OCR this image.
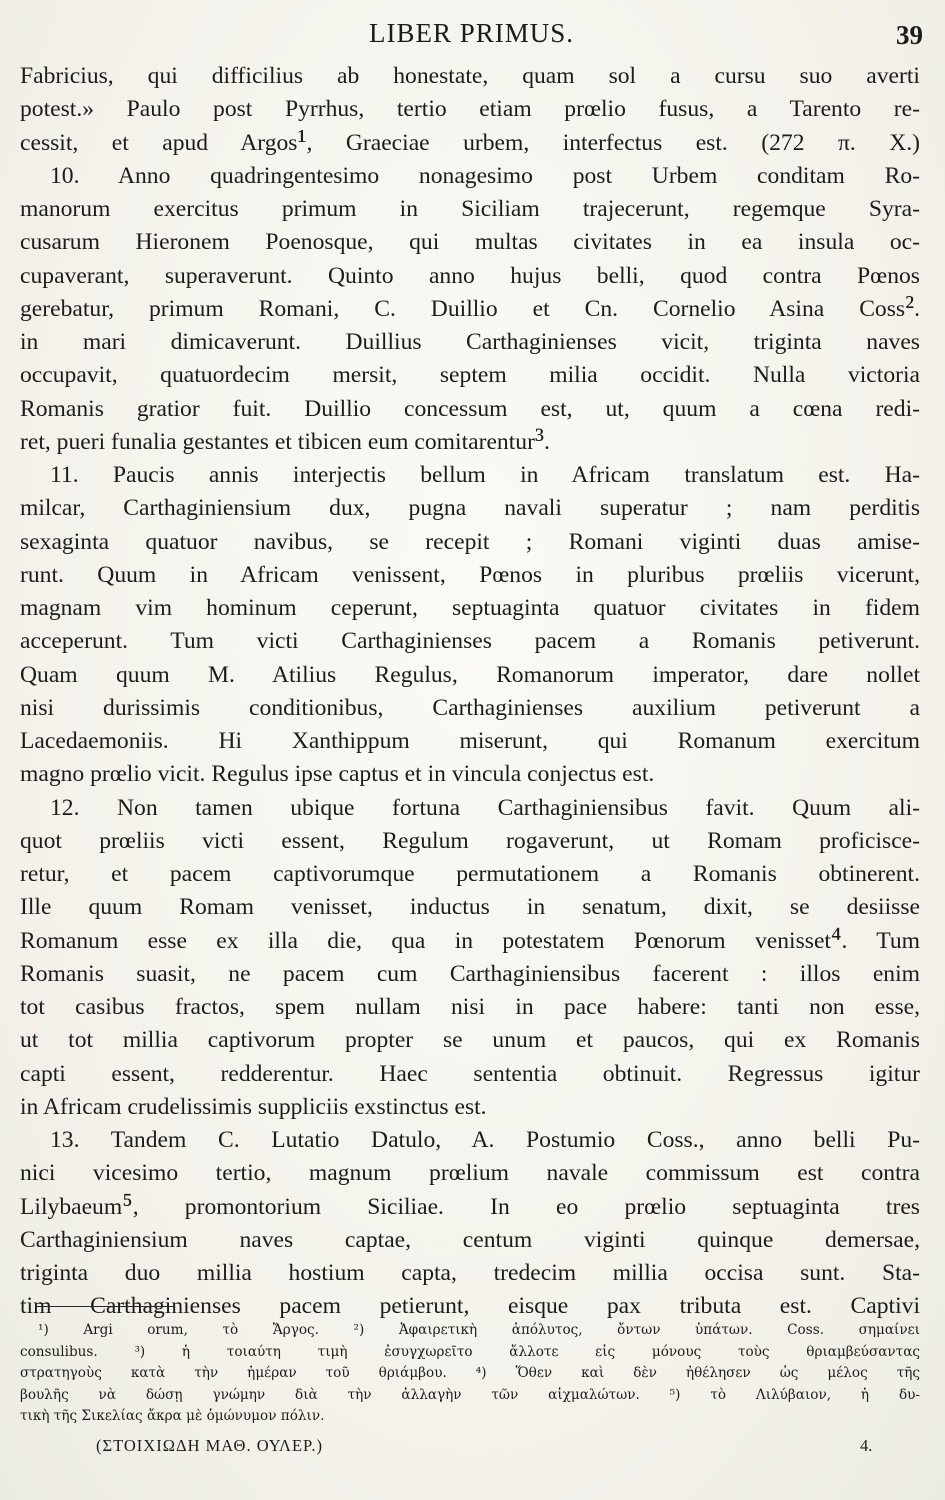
LIBER PRIMUS.	39
Fabricius, qui difficilius ab honestate, quam sol a cursu suo averti
potest.» Paulo post Pyrrhus, tertio etiam prœlio fusus, a Tarento re-
cessit, et apud Argos¹, Graeciae urbem, interfectus est. (272 π. X.)
10. Anno quadringentesimo nonagesimo post Urbem conditam Ro-
manorum exercitus primum in Siciliam trajecerunt, regemque Syra-
cusarum Hieronem Poenosque, qui multas civitates in ea insula oc-
cupaverant, superaverunt. Quinto anno hujus belli, quod contra Pœnos
gerebatur, primum Romani, C. Duillio et Cn. Cornelio Asina Coss².
in mari dimicaverunt. Duillius Carthaginienses vicit, triginta naves
occupavit, quatuordecim mersit, septem milia occidit. Nulla victoria
Romanis gratior fuit. Duillio concessum est, ut, quum a cœna redi-
ret, pueri funalia gestantes et tibicen eum comitarentur³.
11. Paucis annis interjectis bellum in Africam translatum est. Ha-
milcar, Carthaginiensium dux, pugna navali superatur ; nam perditis
sexaginta quatuor navibus, se recepit ; Romani viginti duas amise-
runt. Quum in Africam venissent, Pœnos in pluribus prœliis vicerunt,
magnam vim hominum ceperunt, septuaginta quatuor civitates in fidem
acceperunt. Tum victi Carthaginienses pacem a Romanis petiverunt.
Quam quum M. Atilius Regulus, Romanorum imperator, dare nollet
nisi durissimis conditionibus, Carthaginienses auxilium petiverunt a
Lacedaemoniis. Hi Xanthippum miserunt, qui Romanum exercitum
magno prœlio vicit. Regulus ipse captus et in vincula conjectus est.
12. Non tamen ubique fortuna Carthaginiensibus favit. Quum ali-
quot prœliis victi essent, Regulum rogaverunt, ut Romam proficisce-
retur, et pacem captivorumque permutationem a Romanis obtinerent.
Ille quum Romam venisset, inductus in senatum, dixit, se desiisse
Romanum esse ex illa die, qua in potestatem Pœnorum venisset⁴. Tum
Romanis suasit, ne pacem cum Carthaginiensibus facerent : illos enim
tot casibus fractos, spem nullam nisi in pace habere: tanti non esse,
ut tot millia captivorum propter se unum et paucos, qui ex Romanis
capti essent, redderentur. Haec sententia obtinuit. Regressus igitur
in Africam crudelissimis suppliciis exstinctus est.
13. Tandem C. Lutatio Datulo, A. Postumio Coss., anno belli Pu-
nici vicesimo tertio, magnum prœlium navale commissum est contra
Lilybaeum⁵, promontorium Siciliae. In eo prœlio septuaginta tres
Carthaginiensium naves captae, centum viginti quinque demersae,
triginta duo millia hostium capta, tredecim millia occisa sunt. Sta-
tim Carthaginienses pacem petierunt, eisque pax tributa est. Captivi
¹) Argi orum, τὸ Ἄργος. ²) Ἀφαιρετικὴ ἀπόλυτος, ὄντων ὑπάτων. Coss. σημαίνει
consulibus. ³) ἡ τοιαύτη τιμὴ ἐσυγχωρεῖτο ἄλλοτε εἰς μόνους τοὺς θριαμβεύσαντας
στρατηγοὺς κατὰ τὴν ἡμέραν τοῦ θριάμβου. ⁴) Ὅθεν καὶ δὲν ἠθέλησεν ὡς μέλος τῆς
βουλῆς νὰ δώσῃ γνώμην διὰ τὴν ἀλλαγὴν τῶν αἰχμαλώτων. ⁵) τὸ Λιλύβαιον, ἡ δυ-
τικὴ τῆς Σικελίας ἄκρα μὲ ὁμώνυμον πόλιν.
(ΣΤΟΙΧΙΩΔΗ ΜΑΘ. ΟΥΛΕΡ.)	4.
